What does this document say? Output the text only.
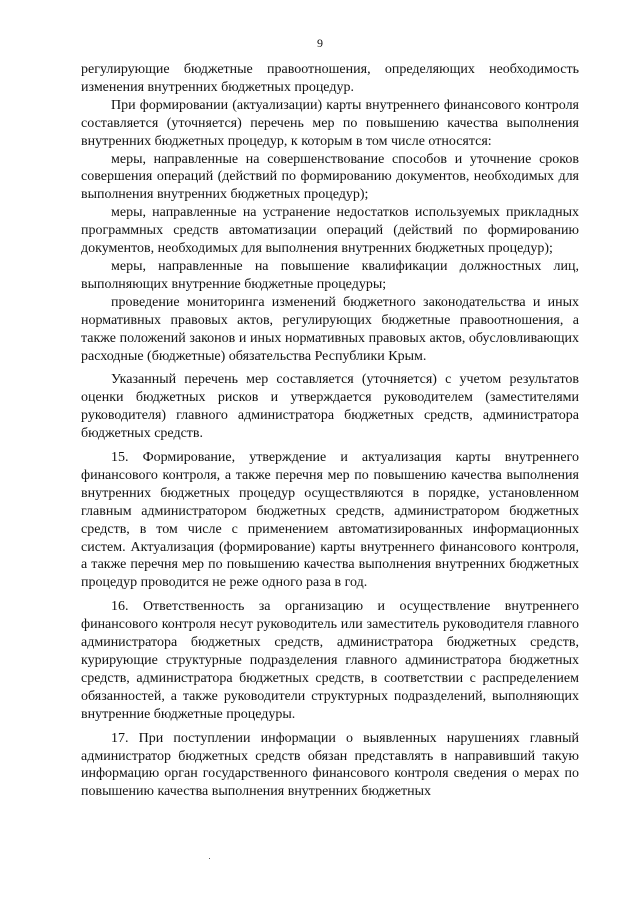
9

регулирующие бюджетные правоотношения, определяющих необходимость изменения внутренних бюджетных процедур.

При формировании (актуализации) карты внутреннего финансового контроля составляется (уточняется) перечень мер по повышению качества выполнения внутренних бюджетных процедур, к которым в том числе относятся:

меры, направленные на совершенствование способов и уточнение сроков совершения операций (действий по формированию документов, необходимых для выполнения внутренних бюджетных процедур);

меры, направленные на устранение недостатков используемых прикладных программных средств автоматизации операций (действий по формированию документов, необходимых для выполнения внутренних бюджетных процедур);

меры, направленные на повышение квалификации должностных лиц, выполняющих внутренние бюджетные процедуры;

проведение мониторинга изменений бюджетного законодательства и иных нормативных правовых актов, регулирующих бюджетные правоотношения, а также положений законов и иных нормативных правовых актов, обусловливающих расходные (бюджетные) обязательства Республики Крым.

Указанный перечень мер составляется (уточняется) с учетом результатов оценки бюджетных рисков и утверждается руководителем (заместителями руководителя) главного администратора бюджетных средств, администратора бюджетных средств.

15. Формирование, утверждение и актуализация карты внутреннего финансового контроля, а также перечня мер по повышению качества выполнения внутренних бюджетных процедур осуществляются в порядке, установленном главным администратором бюджетных средств, администратором бюджетных средств, в том числе с применением автоматизированных информационных систем. Актуализация (формирование) карты внутреннего финансового контроля, а также перечня мер по повышению качества выполнения внутренних бюджетных процедур проводится не реже одного раза в год.

16. Ответственность за организацию и осуществление внутреннего финансового контроля несут руководитель или заместитель руководителя главного администратора бюджетных средств, администратора бюджетных средств, курирующие структурные подразделения главного администратора бюджетных средств, администратора бюджетных средств, в соответствии с распределением обязанностей, а также руководители структурных подразделений, выполняющих внутренние бюджетные процедуры.

17. При поступлении информации о выявленных нарушениях главный администратор бюджетных средств обязан представлять в направивший такую информацию орган государственного финансового контроля сведения о мерах по повышению качества выполнения внутренних бюджетных
